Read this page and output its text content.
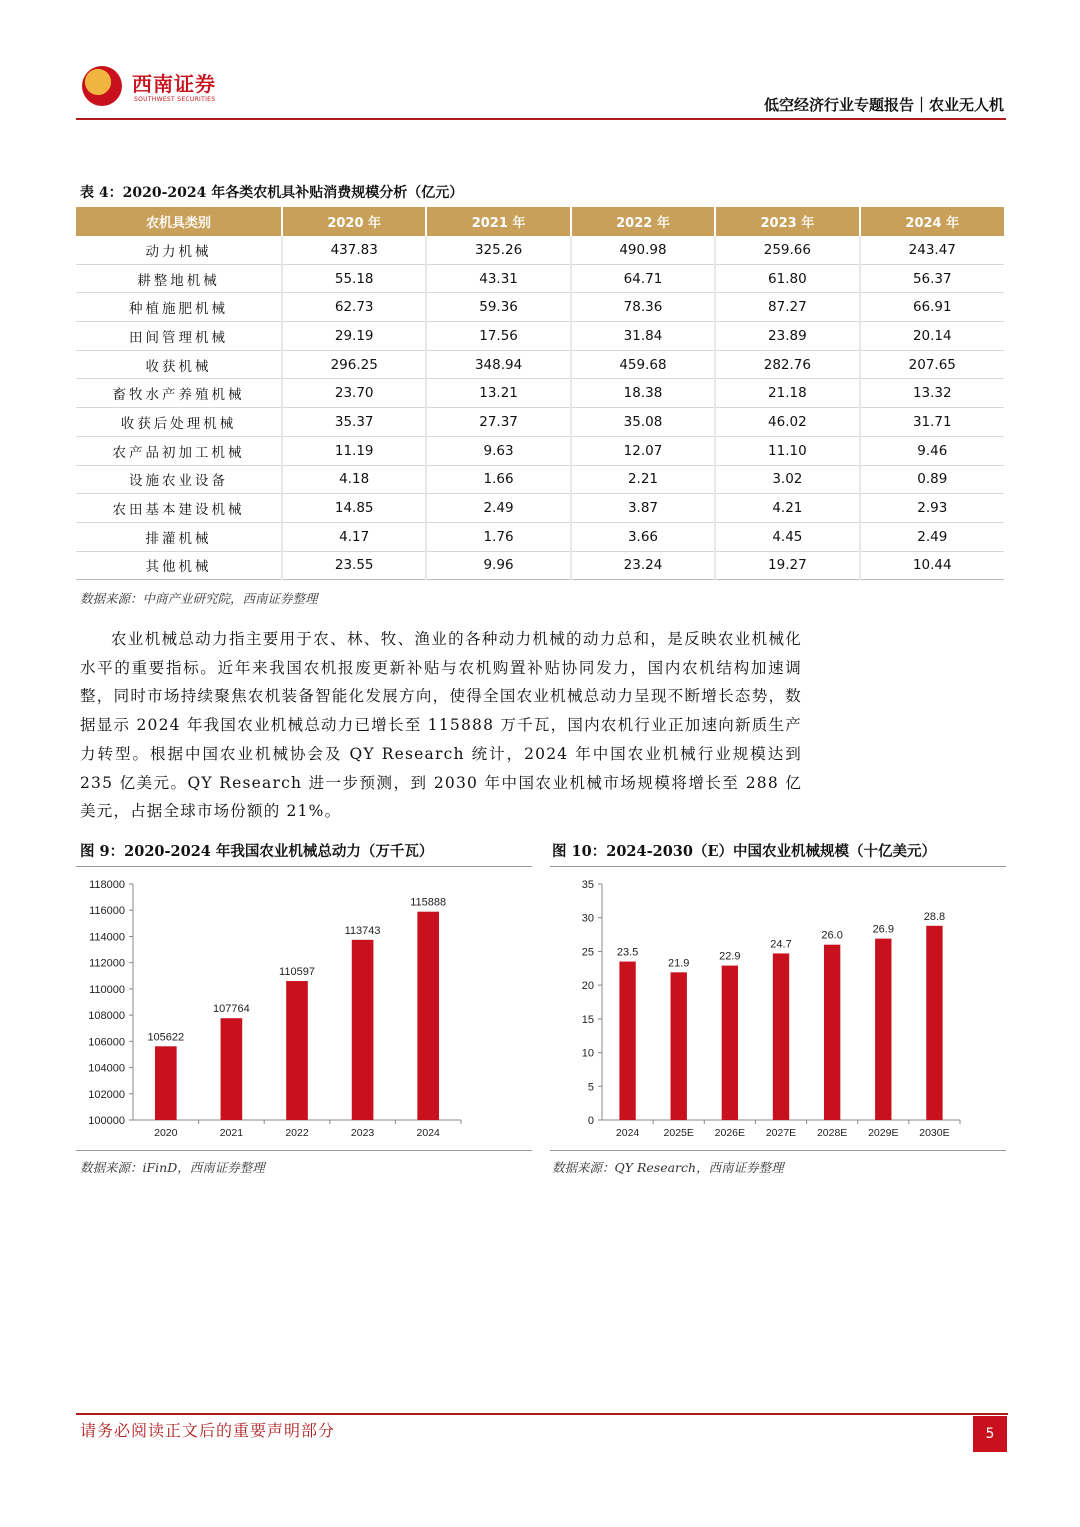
西南证券
SOUTHWEST SECURITIES	低空经济行业专题报告｜农业无人机
表 4：2020-2024 年各类农机具补贴消费规模分析（亿元）
农机具类别	2020 年	2021 年	2022 年	2023 年	2024 年
动力机械	437.83	325.26	490.98	259.66	243.47
耕整地机械	55.18	43.31	64.71	61.80	56.37
种植施肥机械	62.73	59.36	78.36	87.27	66.91
田间管理机械	29.19	17.56	31.84	23.89	20.14
收获机械	296.25	348.94	459.68	282.76	207.65
畜牧水产养殖机械	23.70	13.21	18.38	21.18	13.32
收获后处理机械	35.37	27.37	35.08	46.02	31.71
农产品初加工机械	11.19	9.63	12.07	11.10	9.46
设施农业设备	4.18	1.66	2.21	3.02	0.89
农田基本建设机械	14.85	2.49	3.87	4.21	2.93
排灌机械	4.17	1.76	3.66	4.45	2.49
其他机械	23.55	9.96	23.24	19.27	10.44
数据来源：中商产业研究院，西南证券整理
农业机械总动力指主要用于农、林、牧、渔业的各种动力机械的动力总和，是反映农业机械化水平的重要指标。近年来我国农机报废更新补贴与农机购置补贴协同发力，国内农机结构加速调整，同时市场持续聚焦农机装备智能化发展方向，使得全国农业机械总动力呈现不断增长态势，数据显示 2024 年我国农业机械总动力已增长至 115888 万千瓦，国内农机行业正加速向新质生产力转型。根据中国农业机械协会及 QY Research 统计，2024 年中国农业机械行业规模达到 235 亿美元。QY Research 进一步预测，到 2030 年中国农业机械市场规模将增长至 288 亿美元，占据全球市场份额的 21%。
图 9：2020-2024 年我国农业机械总动力（万千瓦）
100000
102000
104000
106000
108000
110000
112000
114000
116000
118000
105622
2020
107764
2021
110597
2022
113743
2023
115888
2024
数据来源：iFinD，西南证券整理
图 10：2024-2030（E）中国农业机械规模（十亿美元）
0
5
10
15
20
25
30
35
23.5
2024
21.9
2025E
22.9
2026E
24.7
2027E
26.0
2028E
26.9
2029E
28.8
2030E
数据来源：QY Research，西南证券整理
请务必阅读正文后的重要声明部分	5
